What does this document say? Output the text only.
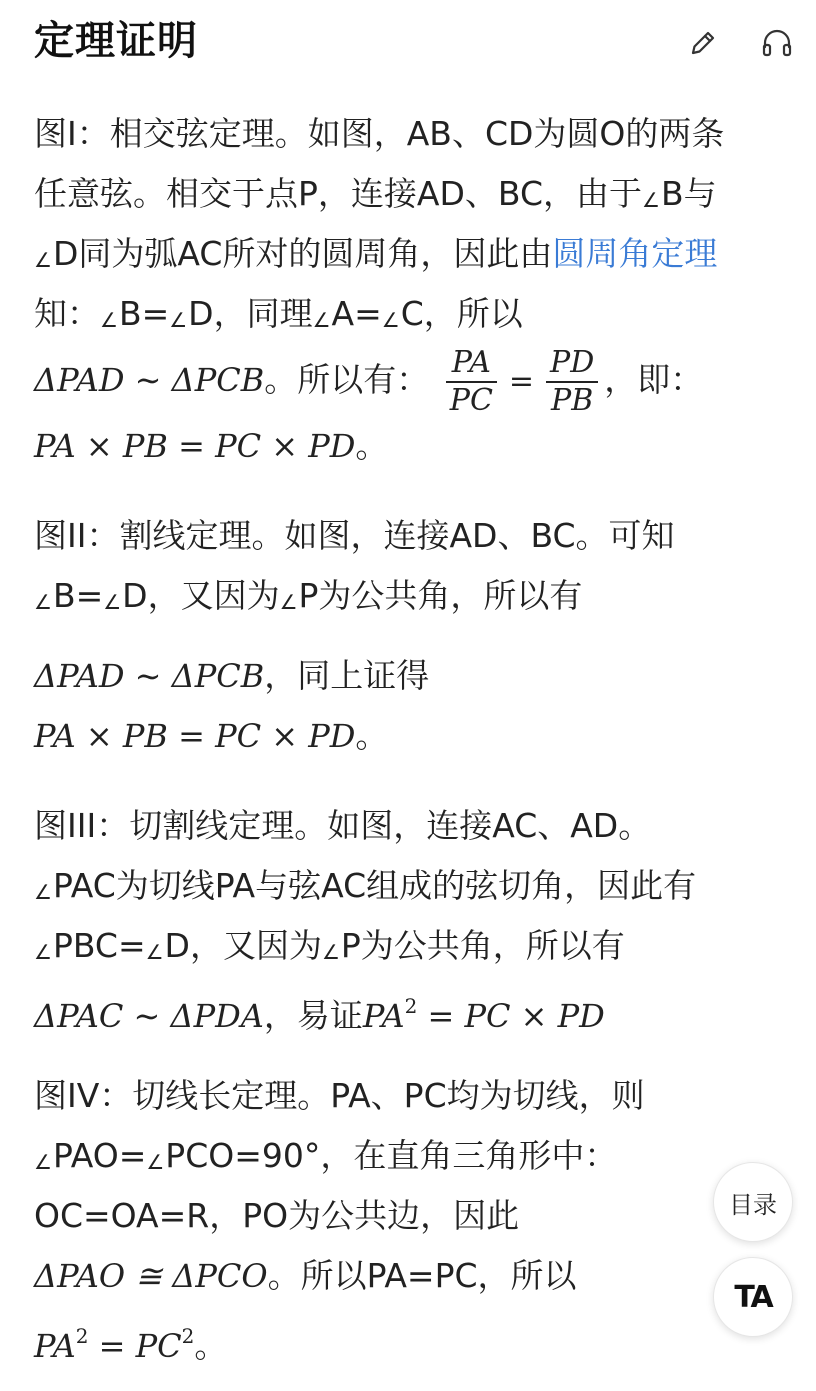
定理证明
图I：相交弦定理。如图，AB、CD为圆O的两条
任意弦。相交于点P，连接AD、BC，由于∠B与
∠D同为弧AC所对的圆周角，因此由圆周角定理
知：∠B=∠D，同理∠A=∠C，所以
ΔPAD ∼ ΔPCB。所以有： $\frac{PA}{PC} = \frac{PD}{PB}$ ，即：
PA × PB = PC × PD。
图II：割线定理。如图，连接AD、BC。可知
∠B=∠D，又因为∠P为公共角，所以有
ΔPAD ∼ ΔPCB，同上证得
PA × PB = PC × PD。
图III：切割线定理。如图，连接AC、AD。
∠PAC为切线PA与弦AC组成的弦切角，因此有
∠PBC=∠D，又因为∠P为公共角，所以有
ΔPAC ∼ ΔPDA，易证$PA^2$ = PC × PD
图IV：切线长定理。PA、PC均为切线，则
∠PAO=∠PCO=90°，在直角三角形中：
OC=OA=R，PO为公共边，因此
ΔPAO ≅ ΔPCO。所以PA=PC，所以
$PA^2 = PC^2$。
目录
TA
